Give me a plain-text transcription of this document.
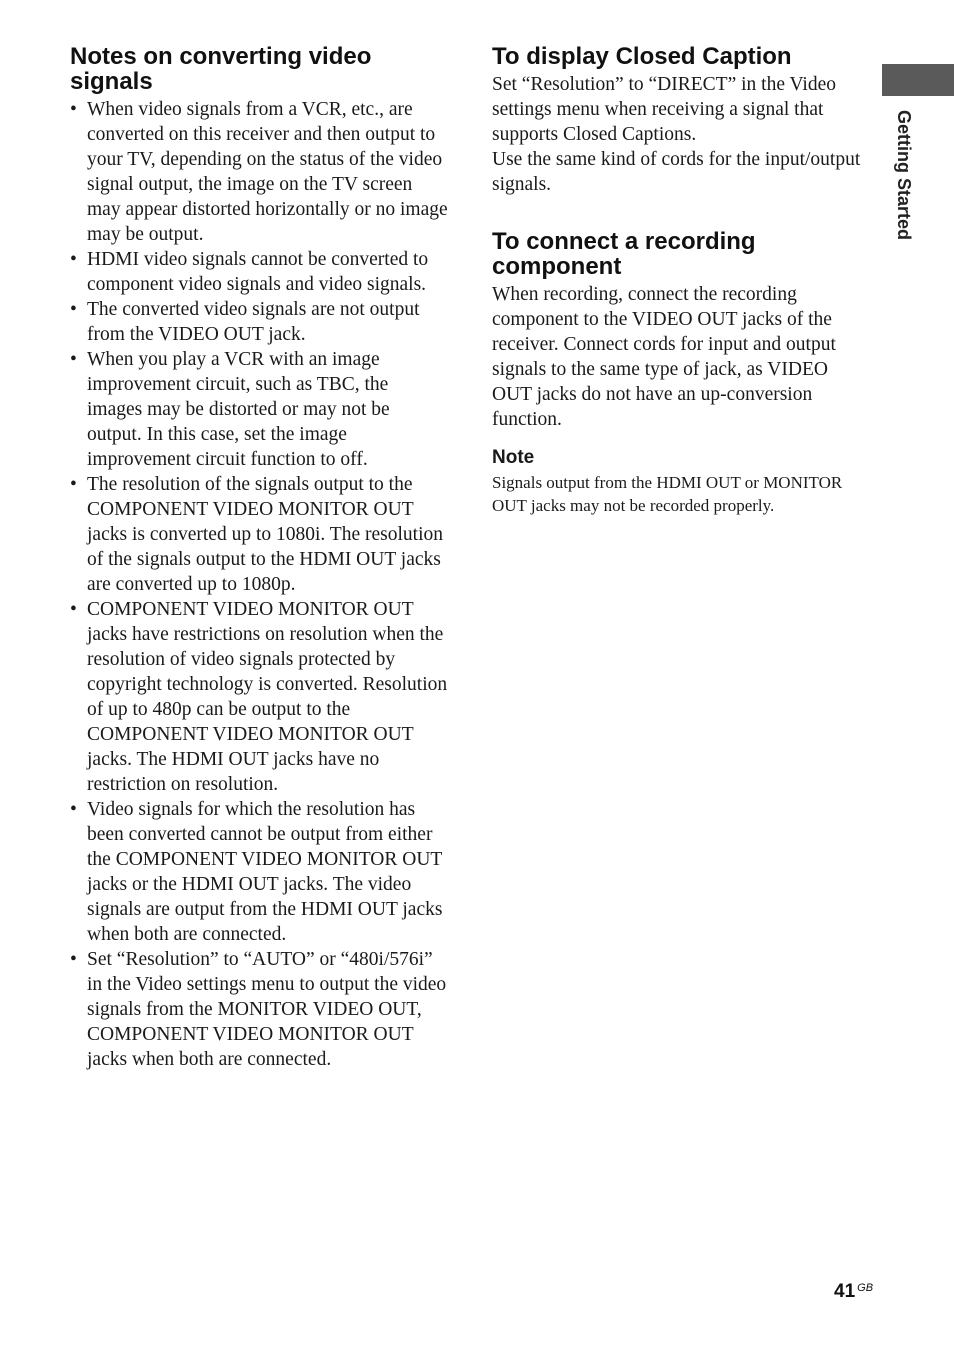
Getting Started
Notes on converting video signals
• When video signals from a VCR, etc., are converted on this receiver and then output to your TV, depending on the status of the video signal output, the image on the TV screen may appear distorted horizontally or no image may be output.
• HDMI video signals cannot be converted to component video signals and video signals.
• The converted video signals are not output from the VIDEO OUT jack.
• When you play a VCR with an image improvement circuit, such as TBC, the images may be distorted or may not be output. In this case, set the image improvement circuit function to off.
• The resolution of the signals output to the COMPONENT VIDEO MONITOR OUT jacks is converted up to 1080i. The resolution of the signals output to the HDMI OUT jacks are converted up to 1080p.
• COMPONENT VIDEO MONITOR OUT jacks have restrictions on resolution when the resolution of video signals protected by copyright technology is converted. Resolution of up to 480p can be output to the COMPONENT VIDEO MONITOR OUT jacks. The HDMI OUT jacks have no restriction on resolution.
• Video signals for which the resolution has been converted cannot be output from either the COMPONENT VIDEO MONITOR OUT jacks or the HDMI OUT jacks. The video signals are output from the HDMI OUT jacks when both are connected.
• Set “Resolution” to “AUTO” or “480i/576i” in the Video settings menu to output the video signals from the MONITOR VIDEO OUT, COMPONENT VIDEO MONITOR OUT jacks when both are connected.
To display Closed Caption

Set “Resolution” to “DIRECT” in the Video settings menu when receiving a signal that supports Closed Captions.

Use the same kind of cords for the input/output signals.

To connect a recording component

When recording, connect the recording component to the VIDEO OUT jacks of the receiver. Connect cords for input and output signals to the same type of jack, as VIDEO OUT jacks do not have an up-conversion function.

Note

Signals output from the HDMI OUT or MONITOR OUT jacks may not be recorded properly.

41 $^{GB}$
